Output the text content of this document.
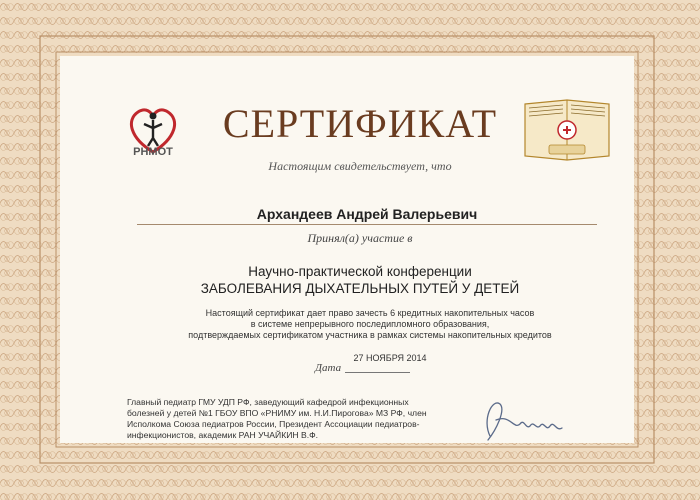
РНМОТ
СЕРТИФИКАТ
Настоящим свидетельствует, что
Архандеев Андрей Валерьевич
Принял(а) участие в
Научно-практической конференции
ЗАБОЛЕВАНИЯ ДЫХАТЕЛЬНЫХ ПУТЕЙ У ДЕТЕЙ
Настоящий сертификат дает право зачесть 6 кредитных накопительных часов
в системе непрерывного последипломного образования,
подтверждаемых сертификатом участника в рамках системы накопительных кредитов
27 НОЯБРЯ 2014
Дата
Главный педиатр ГМУ УДП РФ, заведующий кафедрой инфекционных
болезней у детей №1 ГБОУ ВПО «РНИМУ им. Н.И.Пирогова» МЗ РФ, член
Исполкома Союза педиатров России, Президент Ассоциации педиатров-
инфекционистов, академик РАН УЧАЙКИН В.Ф.
